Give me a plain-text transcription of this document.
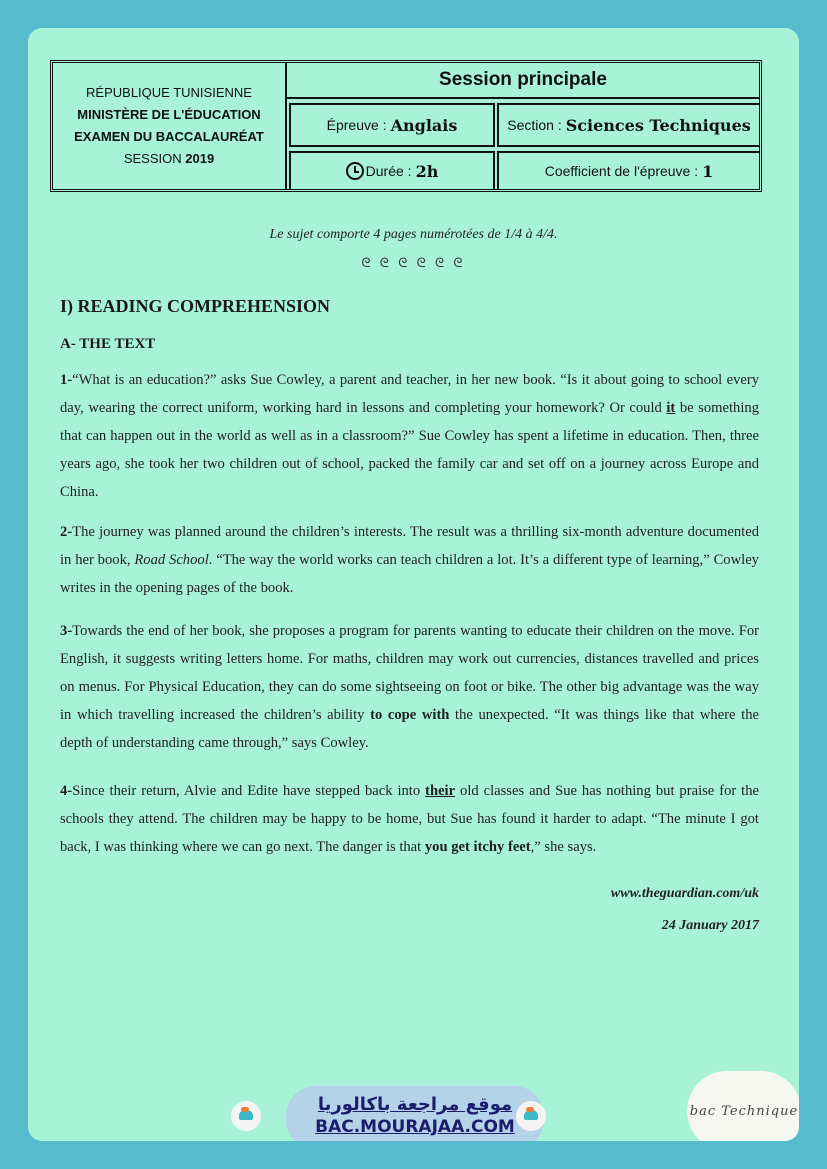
RÉPUBLIQUE TUNISIENNE
MINISTÈRE DE L'ÉDUCATION
EXAMEN DU BACCALAURÉAT
SESSION 2019
Session principale
Épreuve : Anglais	Section : Sciences Techniques
Durée : 2h	Coefficient de l'épreuve : 1
Le sujet comporte 4 pages numérotées de 1/4 à 4/4.
ᘓ ᘓ ᘓ ᘓ ᘓ ᘓ
I) READING COMPREHENSION
A- THE TEXT

1-“What is an education?” asks Sue Cowley, a parent and teacher, in her new book. “Is it about going to school every day, wearing the correct uniform, working hard in lessons and completing your homework? Or could it be something that can happen out in the world as well as in a classroom?” Sue Cowley has spent a lifetime in education. Then, three years ago, she took her two children out of school, packed the family car and set off on a journey across Europe and China.

2-The journey was planned around the children’s interests. The result was a thrilling six-month adventure documented in her book, Road School. “The way the world works can teach children a lot. It’s a different type of learning,” Cowley writes in the opening pages of the book.

3-Towards the end of her book, she proposes a program for parents wanting to educate their children on the move. For English, it suggests writing letters home. For maths, children may work out currencies, distances travelled and prices on menus. For Physical Education, they can do some sightseeing on foot or bike. The other big advantage was the way in which travelling increased the children’s ability to cope with the unexpected. “It was things like that where the depth of understanding came through,” says Cowley.

4-Since their return, Alvie and Edite have stepped back into their old classes and Sue has nothing but praise for the schools they attend. The children may be happy to be home, but Sue has found it harder to adapt. “The minute I got back, I was thinking where we can go next. The danger is that you get itchy feet,” she says.

www.theguardian.com/uk
24 January 2017
موقع مراجعة باكالوريا
BAC.MOURAJAA.COM
bac Technique
